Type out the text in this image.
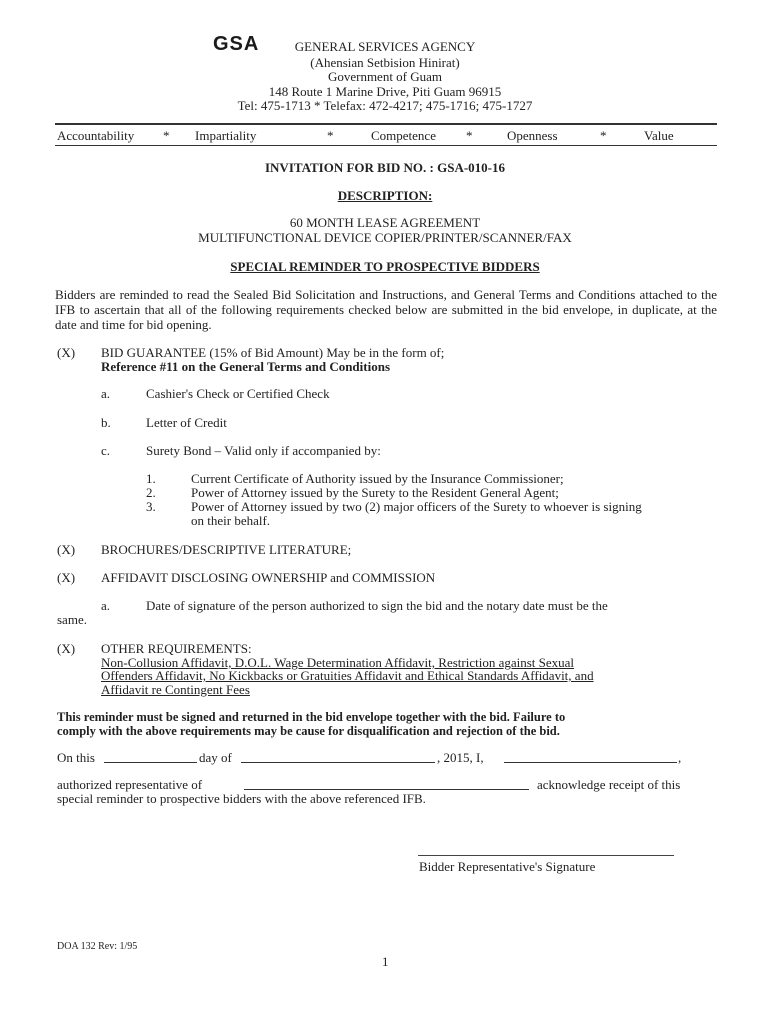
GSA	GENERAL SERVICES AGENCY
(Ahensian Setbision Hinirat)
Government of Guam
148 Route 1 Marine Drive, Piti Guam 96915
Tel: 475-1713 * Telefax: 472-4217; 475-1716; 475-1727
Accountability * Impartiality	*	Competence *	Openness	*	Value
INVITATION FOR BID NO. : GSA-010-16
DESCRIPTION:
60 MONTH LEASE AGREEMENT
MULTIFUNCTIONAL DEVICE COPIER/PRINTER/SCANNER/FAX
SPECIAL REMINDER TO PROSPECTIVE BIDDERS
Bidders are reminded to read the Sealed Bid Solicitation and Instructions, and General Terms and Conditions attached to the IFB to ascertain that all of the following requirements checked below are submitted in the bid envelope, in duplicate, at the date and time for bid opening.
(X) BID GUARANTEE (15% of Bid Amount) May be in the form of;
Reference #11 on the General Terms and Conditions
a.	Cashier's Check or Certified Check
b.	Letter of Credit
c.	Surety Bond – Valid only if accompanied by:
1.	Current Certificate of Authority issued by the Insurance Commissioner;
2.	Power of Attorney issued by the Surety to the Resident General Agent;
3.	Power of Attorney issued by two (2) major officers of the Surety to whoever is signing
on their behalf.
(X) BROCHURES/DESCRIPTIVE LITERATURE;
(X) AFFIDAVIT DISCLOSING OWNERSHIP and COMMISSION
a.	Date of signature of the person authorized to sign the bid and the notary date must be the
same.
(X) OTHER REQUIREMENTS:
Non-Collusion Affidavit, D.O.L. Wage Determination Affidavit, Restriction against Sexual
Offenders Affidavit, No Kickbacks or Gratuities Affidavit and Ethical Standards Affidavit, and
Affidavit re Contingent Fees
This reminder must be signed and returned in the bid envelope together with the bid. Failure to
comply with the above requirements may be cause for disqualification and rejection of the bid.
On this	day of	, 2015, I,	,
authorized representative of	acknowledge receipt of this
special reminder to prospective bidders with the above referenced IFB.
Bidder Representative's Signature
DOA 132 Rev: 1/95
1
